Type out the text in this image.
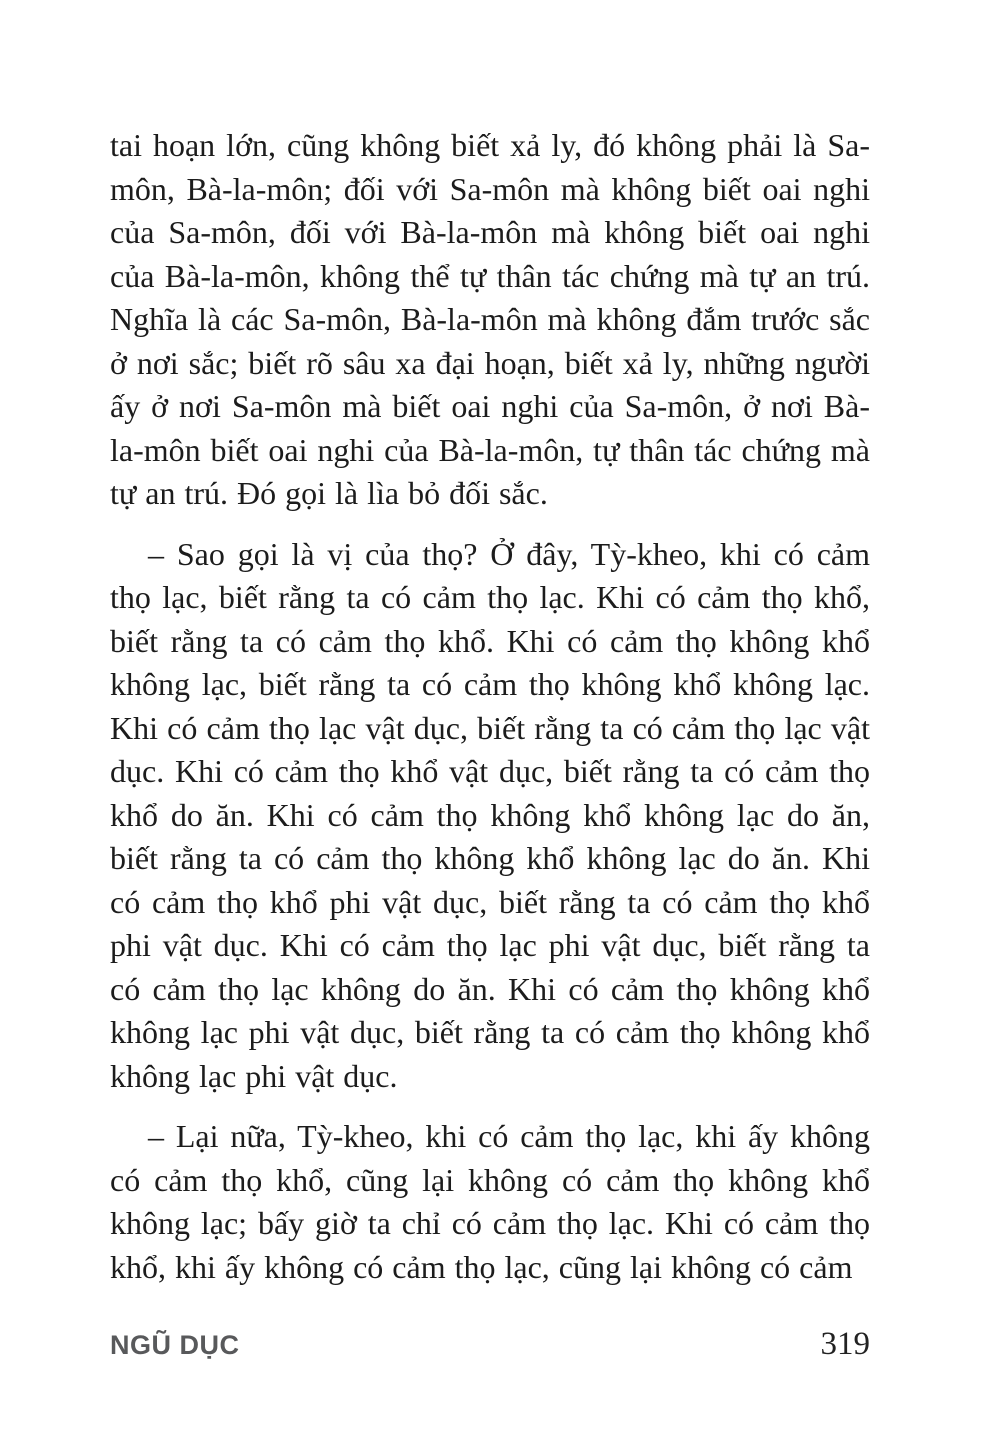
tai hoạn lớn, cũng không biết xả ly, đó không phải là Sa-môn, Bà-la-môn; đối với Sa-môn mà không biết oai nghi của Sa-môn, đối với Bà-la-môn mà không biết oai nghi của Bà-la-môn, không thể tự thân tác chứng mà tự an trú. Nghĩa là các Sa-môn, Bà-la-môn mà không đắm trước sắc ở nơi sắc; biết rõ sâu xa đại hoạn, biết xả ly, những người ấy ở nơi Sa-môn mà biết oai nghi của Sa-môn, ở nơi Bà-la-môn biết oai nghi của Bà-la-môn, tự thân tác chứng mà tự an trú. Đó gọi là lìa bỏ đối sắc.

– Sao gọi là vị của thọ? Ở đây, Tỳ-kheo, khi có cảm thọ lạc, biết rằng ta có cảm thọ lạc. Khi có cảm thọ khổ, biết rằng ta có cảm thọ khổ. Khi có cảm thọ không khổ không lạc, biết rằng ta có cảm thọ không khổ không lạc. Khi có cảm thọ lạc vật dục, biết rằng ta có cảm thọ lạc vật dục. Khi có cảm thọ khổ vật dục, biết rằng ta có cảm thọ khổ do ăn. Khi có cảm thọ không khổ không lạc do ăn, biết rằng ta có cảm thọ không khổ không lạc do ăn. Khi có cảm thọ khổ phi vật dục, biết rằng ta có cảm thọ khổ phi vật dục. Khi có cảm thọ lạc phi vật dục, biết rằng ta có cảm thọ lạc không do ăn. Khi có cảm thọ không khổ không lạc phi vật dục, biết rằng ta có cảm thọ không khổ không lạc phi vật dục.

– Lại nữa, Tỳ-kheo, khi có cảm thọ lạc, khi ấy không có cảm thọ khổ, cũng lại không có cảm thọ không khổ không lạc; bấy giờ ta chỉ có cảm thọ lạc. Khi có cảm thọ khổ, khi ấy không có cảm thọ lạc, cũng lại không có cảm

NGŨ DỤC	319
